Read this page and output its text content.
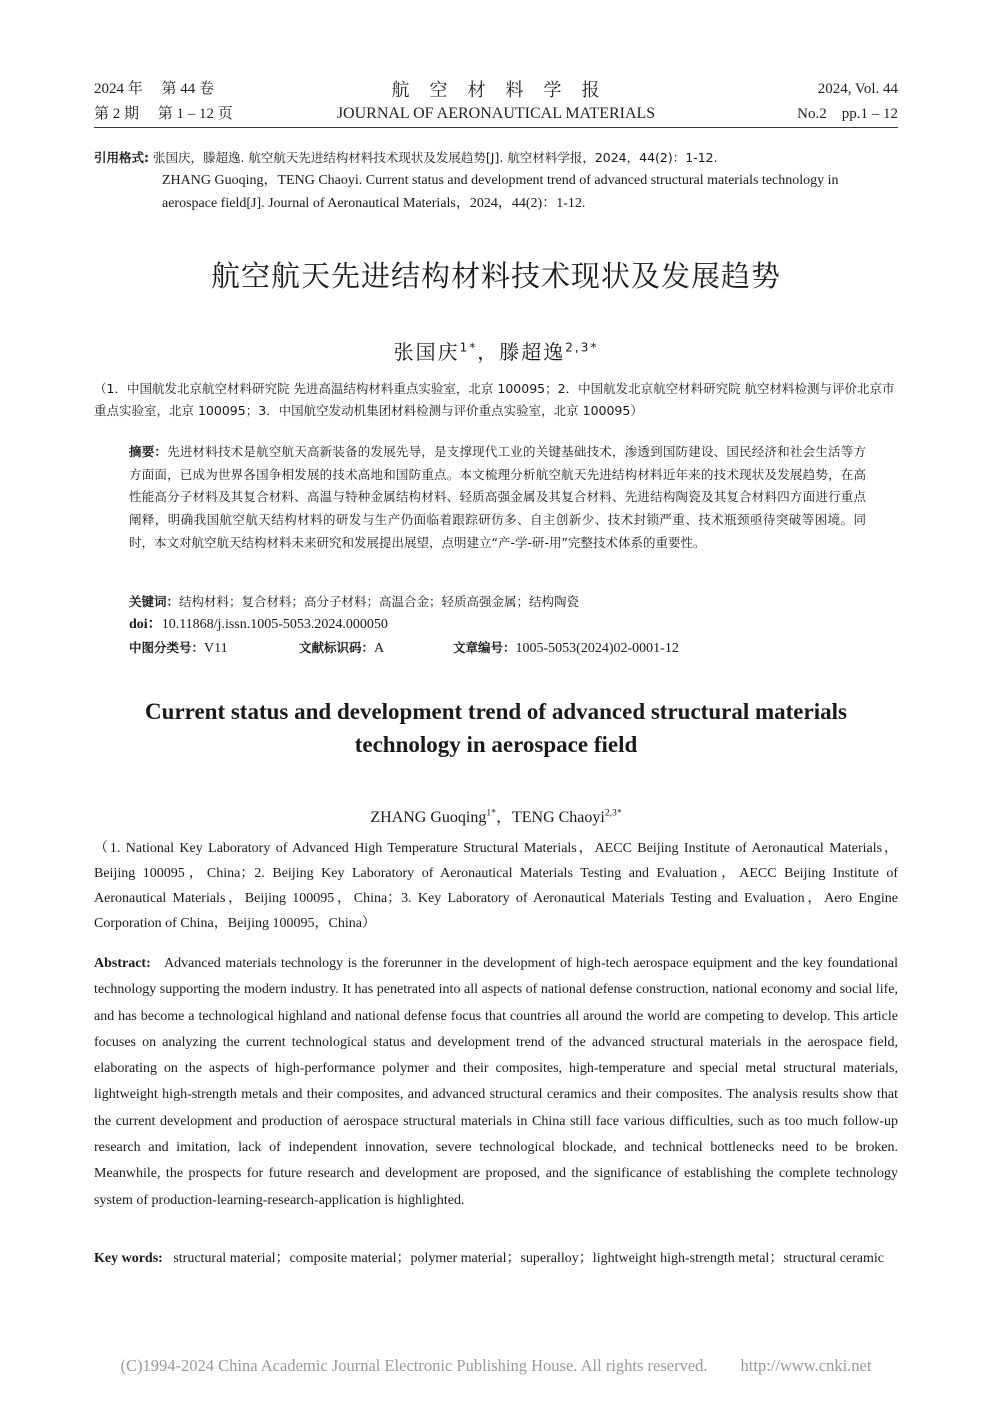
2024 年　 第 44 卷
第 2 期　 第 1 – 12 页
航　空　材　料　学　报
JOURNAL OF AERONAUTICAL MATERIALS
2024, Vol. 44
No.2　pp.1 – 12
引用格式: 张国庆，滕超逸. 航空航天先进结构材料技术现状及发展趋势[J]. 航空材料学报，2024，44(2)：1-12.
ZHANG Guoqing，TENG Chaoyi. Current status and development trend of advanced structural materials technology in
aerospace field[J]. Journal of Aeronautical Materials，2024，44(2)：1-12.
航空航天先进结构材料技术现状及发展趋势
张国庆$^{1*}$，滕超逸$^{2,3*}$
（1．中国航发北京航空材料研究院 先进高温结构材料重点实验室，北京 100095；2．中国航发北京航空材料研究院 航空材料检测与评价北京市重点实验室，北京 100095；3．中国航空发动机集团材料检测与评价重点实验室，北京 100095）
摘要：先进材料技术是航空航天高新装备的发展先导，是支撑现代工业的关键基础技术，渗透到国防建设、国民经济和社会生活等方方面面，已成为世界各国争相发展的技术高地和国防重点。本文梳理分析航空航天先进结构材料近年来的技术现状及发展趋势，在高性能高分子材料及其复合材料、高温与特种金属结构材料、轻质高强金属及其复合材料、先进结构陶瓷及其复合材料四方面进行重点阐释，明确我国航空航天结构材料的研发与生产仍面临着跟踪研仿多、自主创新少、技术封锁严重、技术瓶颈亟待突破等困境。同时，本文对航空航天结构材料未来研究和发展提出展望，点明建立“产-学-研-用”完整技术体系的重要性。
关键词：结构材料；复合材料；高分子材料；高温合金；轻质高强金属；结构陶瓷
doi：10.11868/j.issn.1005-5053.2024.000050
中图分类号：V11	文献标识码：A	文章编号：1005-5053(2024)02-0001-12
Current status and development trend of advanced structural materials
technology in aerospace field
ZHANG Guoqing$^{1*}$，TENG Chaoyi$^{2,3*}$
（1. National Key Laboratory of Advanced High Temperature Structural Materials，AECC Beijing Institute of Aeronautical Materials，Beijing 100095，China；2. Beijing Key Laboratory of Aeronautical Materials Testing and Evaluation，AECC Beijing Institute of Aeronautical Materials，Beijing 100095，China；3. Key Laboratory of Aeronautical Materials Testing and Evaluation，Aero Engine Corporation of China，Beijing 100095，China）
Abstract: Advanced materials technology is the forerunner in the development of high-tech aerospace equipment and the key foundational technology supporting the modern industry. It has penetrated into all aspects of national defense construction, national economy and social life, and has become a technological highland and national defense focus that countries all around the world are competing to develop. This article focuses on analyzing the current technological status and development trend of the advanced structural materials in the aerospace field, elaborating on the aspects of high-performance polymer and their composites, high-temperature and special metal structural materials, lightweight high-strength metals and their composites, and advanced structural ceramics and their composites. The analysis results show that the current development and production of aerospace structural materials in China still face various difficulties, such as too much follow-up research and imitation, lack of independent innovation, severe technological blockade, and technical bottlenecks need to be broken. Meanwhile, the prospects for future research and development are proposed, and the significance of establishing the complete technology system of production-learning-research-application is highlighted.
Key words: structural material；composite material；polymer material；superalloy；lightweight high-strength metal；structural ceramic
(C)1994-2024 China Academic Journal Electronic Publishing House. All rights reserved.　　http://www.cnki.net
